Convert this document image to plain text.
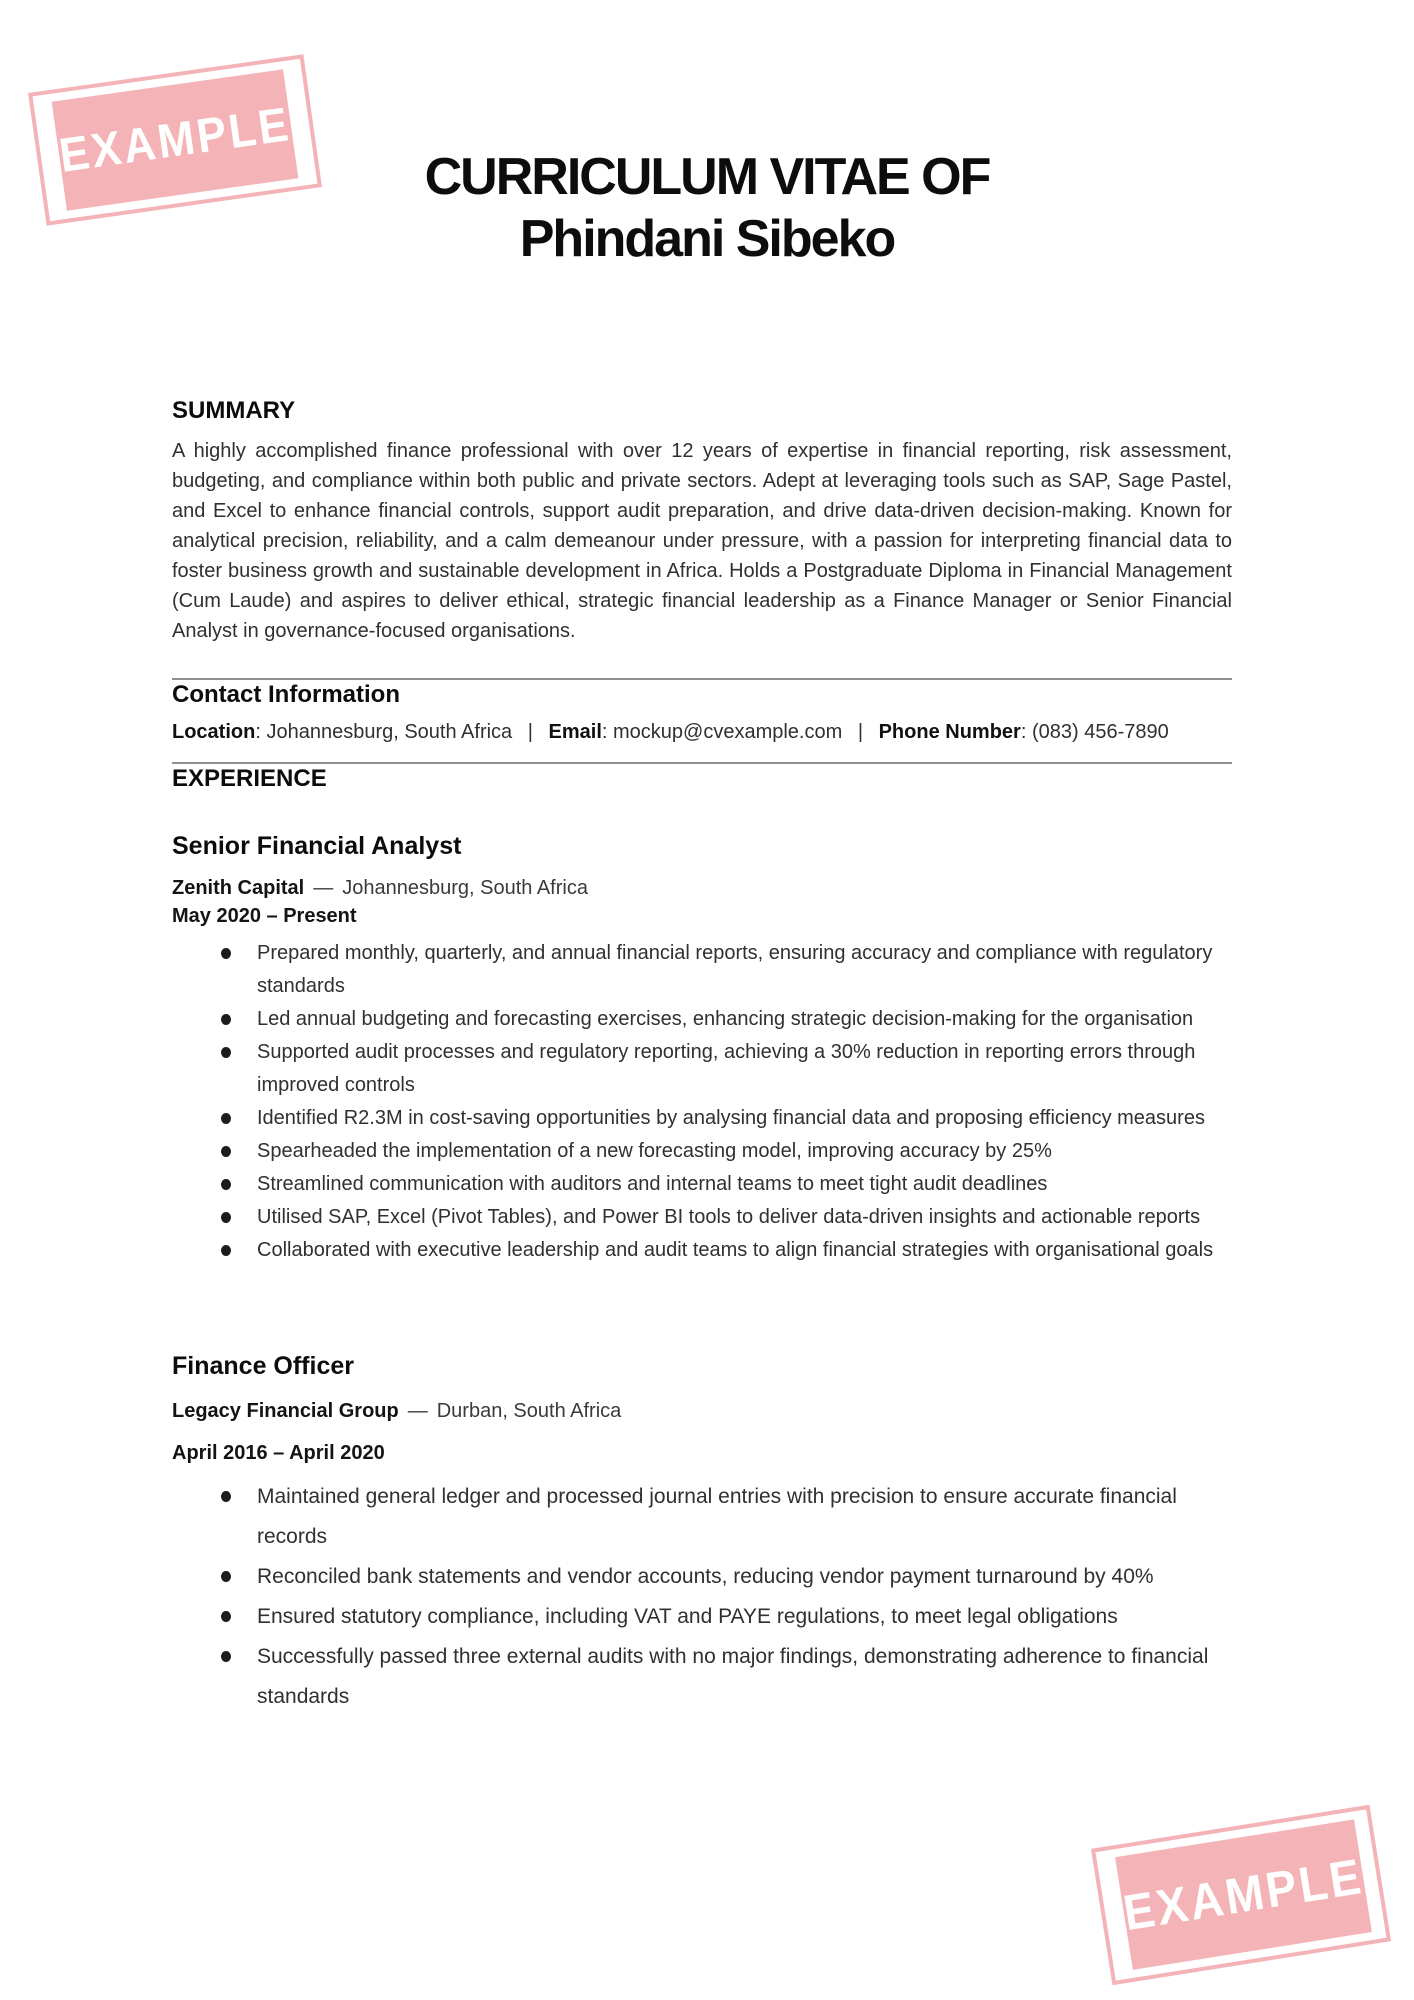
EXAMPLE	CURRICULUM VITAE OF
Phindani Sibeko
SUMMARY

A highly accomplished finance professional with over 12 years of expertise in financial reporting, risk assessment, budgeting, and compliance within both public and private sectors. Adept at leveraging tools such as SAP, Sage Pastel, and Excel to enhance financial controls, support audit preparation, and drive data-driven decision-making. Known for analytical precision, reliability, and a calm demeanour under pressure, with a passion for interpreting financial data to foster business growth and sustainable development in Africa. Holds a Postgraduate Diploma in Financial Management (Cum Laude) and aspires to deliver ethical, strategic financial leadership as a Finance Manager or Senior Financial Analyst in governance-focused organisations.

Contact Information

Location: Johannesburg, South Africa | Email: mockup@cvexample.com | Phone Number: (083) 456-7890

EXPERIENCE
Senior Financial Analyst

Zenith Capital — Johannesburg, South Africa

May 2020 – Present

Prepared monthly, quarterly, and annual financial reports, ensuring accuracy and compliance with regulatory standards
Led annual budgeting and forecasting exercises, enhancing strategic decision-making for the organisation
Supported audit processes and regulatory reporting, achieving a 30% reduction in reporting errors through improved controls
Identified R2.3M in cost-saving opportunities by analysing financial data and proposing efficiency measures
Spearheaded the implementation of a new forecasting model, improving accuracy by 25%
Streamlined communication with auditors and internal teams to meet tight audit deadlines
Utilised SAP, Excel (Pivot Tables), and Power BI tools to deliver data-driven insights and actionable reports
Collaborated with executive leadership and audit teams to align financial strategies with organisational goals
Finance Officer

Legacy Financial Group — Durban, South Africa

April 2016 – April 2020

Maintained general ledger and processed journal entries with precision to ensure accurate financial records
Reconciled bank statements and vendor accounts, reducing vendor payment turnaround by 40%
Ensured statutory compliance, including VAT and PAYE regulations, to meet legal obligations
Successfully passed three external audits with no major findings, demonstrating adherence to financial standards
EXAMPLE
